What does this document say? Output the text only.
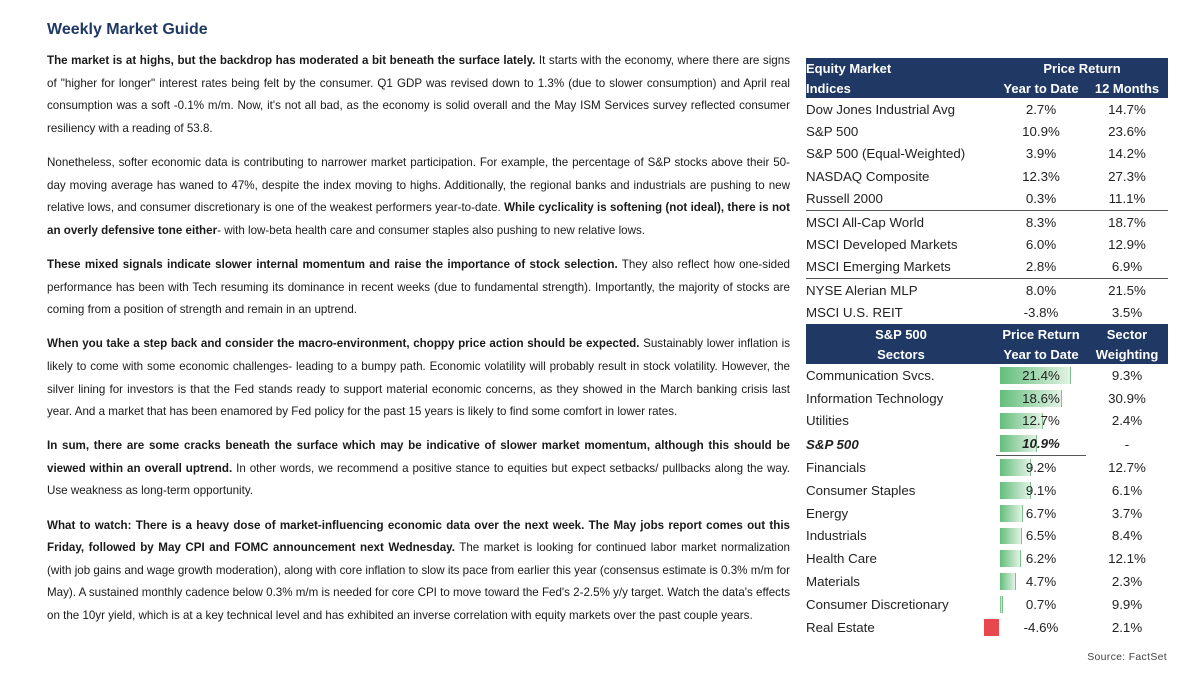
Weekly Market Guide

The market is at highs, but the backdrop has moderated a bit beneath the surface lately. It starts with the economy, where there are signs of "higher for longer" interest rates being felt by the consumer. Q1 GDP was revised down to 1.3% (due to slower consumption) and April real consumption was a soft -0.1% m/m. Now, it's not all bad, as the economy is solid overall and the May ISM Services survey reflected consumer resiliency with a reading of 53.8.

Nonetheless, softer economic data is contributing to narrower market participation. For example, the percentage of S&P stocks above their 50-day moving average has waned to 47%, despite the index moving to highs. Additionally, the regional banks and industrials are pushing to new relative lows, and consumer discretionary is one of the weakest performers year-to-date. While cyclicality is softening (not ideal), there is not an overly defensive tone either- with low-beta health care and consumer staples also pushing to new relative lows.

These mixed signals indicate slower internal momentum and raise the importance of stock selection. They also reflect how one-sided performance has been with Tech resuming its dominance in recent weeks (due to fundamental strength). Importantly, the majority of stocks are coming from a position of strength and remain in an uptrend.

When you take a step back and consider the macro-environment, choppy price action should be expected. Sustainably lower inflation is likely to come with some economic challenges- leading to a bumpy path. Economic volatility will probably result in stock volatility. However, the silver lining for investors is that the Fed stands ready to support material economic concerns, as they showed in the March banking crisis last year. And a market that has been enamored by Fed policy for the past 15 years is likely to find some comfort in lower rates.

In sum, there are some cracks beneath the surface which may be indicative of slower market momentum, although this should be viewed within an overall uptrend. In other words, we recommend a positive stance to equities but expect setbacks/ pullbacks along the way. Use weakness as long-term opportunity.

What to watch: There is a heavy dose of market-influencing economic data over the next week. The May jobs report comes out this Friday, followed by May CPI and FOMC announcement next Wednesday. The market is looking for continued labor market normalization (with job gains and wage growth moderation), along with core inflation to slow its pace from earlier this year (consensus estimate is 0.3% m/m for May). A sustained monthly cadence below 0.3% m/m is needed for core CPI to move toward the Fed's 2-2.5% y/y target. Watch the data's effects on the 10yr yield, which is at a key technical level and has exhibited an inverse correlation with equity markets over the past couple years.

Equity Market	Price Return	
Indices	Year to Date	12 Months
Dow Jones Industrial Avg	2.7%	14.7%
S&P 500	10.9%	23.6%
S&P 500 (Equal-Weighted)	3.9%	14.2%
NASDAQ Composite	12.3%	27.3%
Russell 2000	0.3%	11.1%
MSCI All-Cap World	8.3%	18.7%
MSCI Developed Markets	6.0%	12.9%
MSCI Emerging Markets	2.8%	6.9%
NYSE Alerian MLP	8.0%	21.5%
MSCI U.S. REIT	-3.8%	3.5%
S&P 500	Price Return	Sector
Sectors	Year to Date	Weighting
Communication Svcs.	21.4%	9.3%
Information Technology	18.6%	30.9%
Utilities	12.7%	2.4%
S&P 500	10.9%	-
Financials	9.2%	12.7%
Consumer Staples	9.1%	6.1%
Energy	6.7%	3.7%
Industrials	6.5%	8.4%
Health Care	6.2%	12.1%
Materials	4.7%	2.3%
Consumer Discretionary	0.7%	9.9%
Real Estate	-4.6%	2.1%
Source: FactSet
